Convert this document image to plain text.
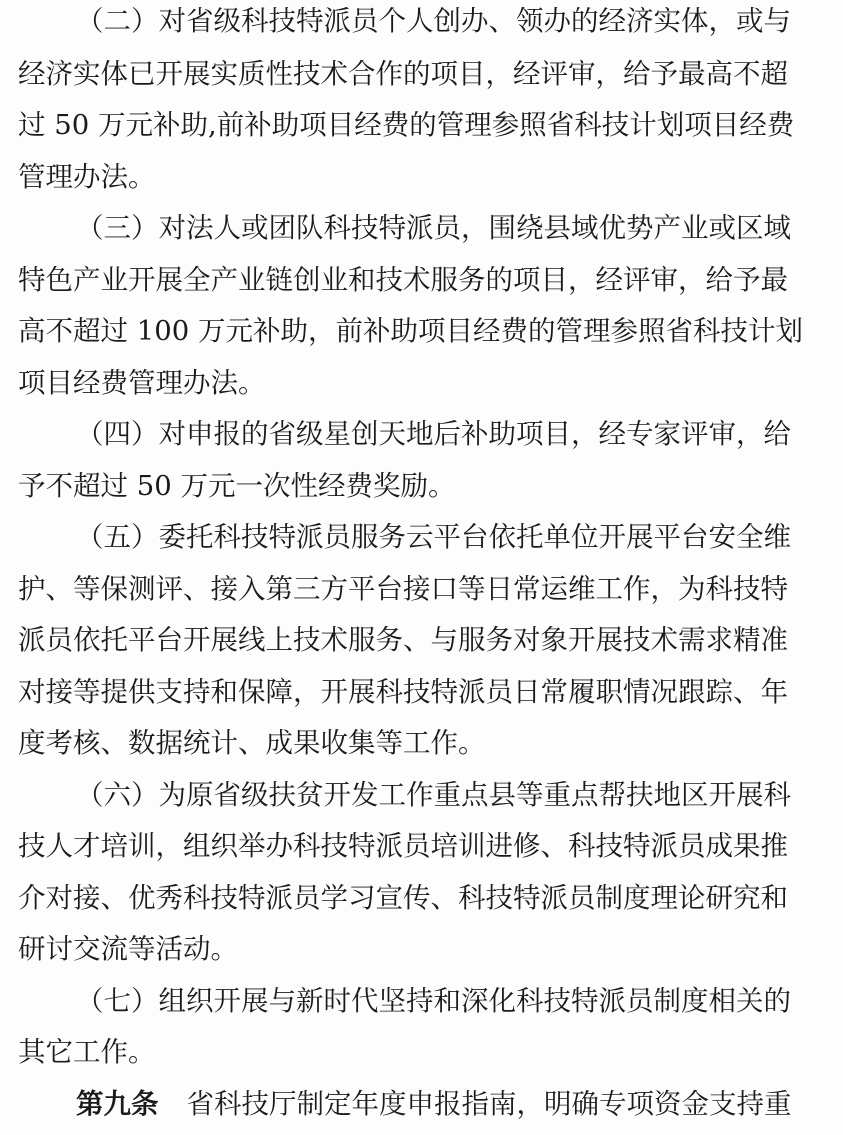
（二）对省级科技特派员个人创办、领办的经济实体，或与
经济实体已开展实质性技术合作的项目，经评审，给予最高不超
过 50 万元补助,前补助项目经费的管理参照省科技计划项目经费
管理办法。
（三）对法人或团队科技特派员，围绕县域优势产业或区域
特色产业开展全产业链创业和技术服务的项目，经评审，给予最
高不超过 100 万元补助，前补助项目经费的管理参照省科技计划
项目经费管理办法。
（四）对申报的省级星创天地后补助项目，经专家评审，给
予不超过 50 万元一次性经费奖励。
（五）委托科技特派员服务云平台依托单位开展平台安全维
护、等保测评、接入第三方平台接口等日常运维工作，为科技特
派员依托平台开展线上技术服务、与服务对象开展技术需求精准
对接等提供支持和保障，开展科技特派员日常履职情况跟踪、年
度考核、数据统计、成果收集等工作。
（六）为原省级扶贫开发工作重点县等重点帮扶地区开展科
技人才培训，组织举办科技特派员培训进修、科技特派员成果推
介对接、优秀科技特派员学习宣传、科技特派员制度理论研究和
研讨交流等活动。
（七）组织开展与新时代坚持和深化科技特派员制度相关的
其它工作。
第九条 省科技厅制定年度申报指南，明确专项资金支持重
